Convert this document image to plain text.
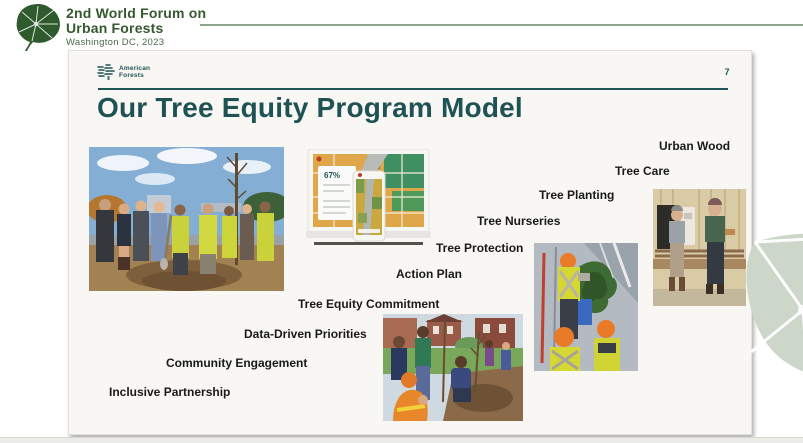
2nd World Forum on
Urban Forests
Washington DC, 2023
American
Forests	7
Our Tree Equity Program Model
67%
Inclusive Partnership
Community Engagement
Data-Driven Priorities
Tree Equity Commitment
Action Plan
Tree Protection
Tree Nurseries
Tree Planting
Tree Care
Urban Wood
